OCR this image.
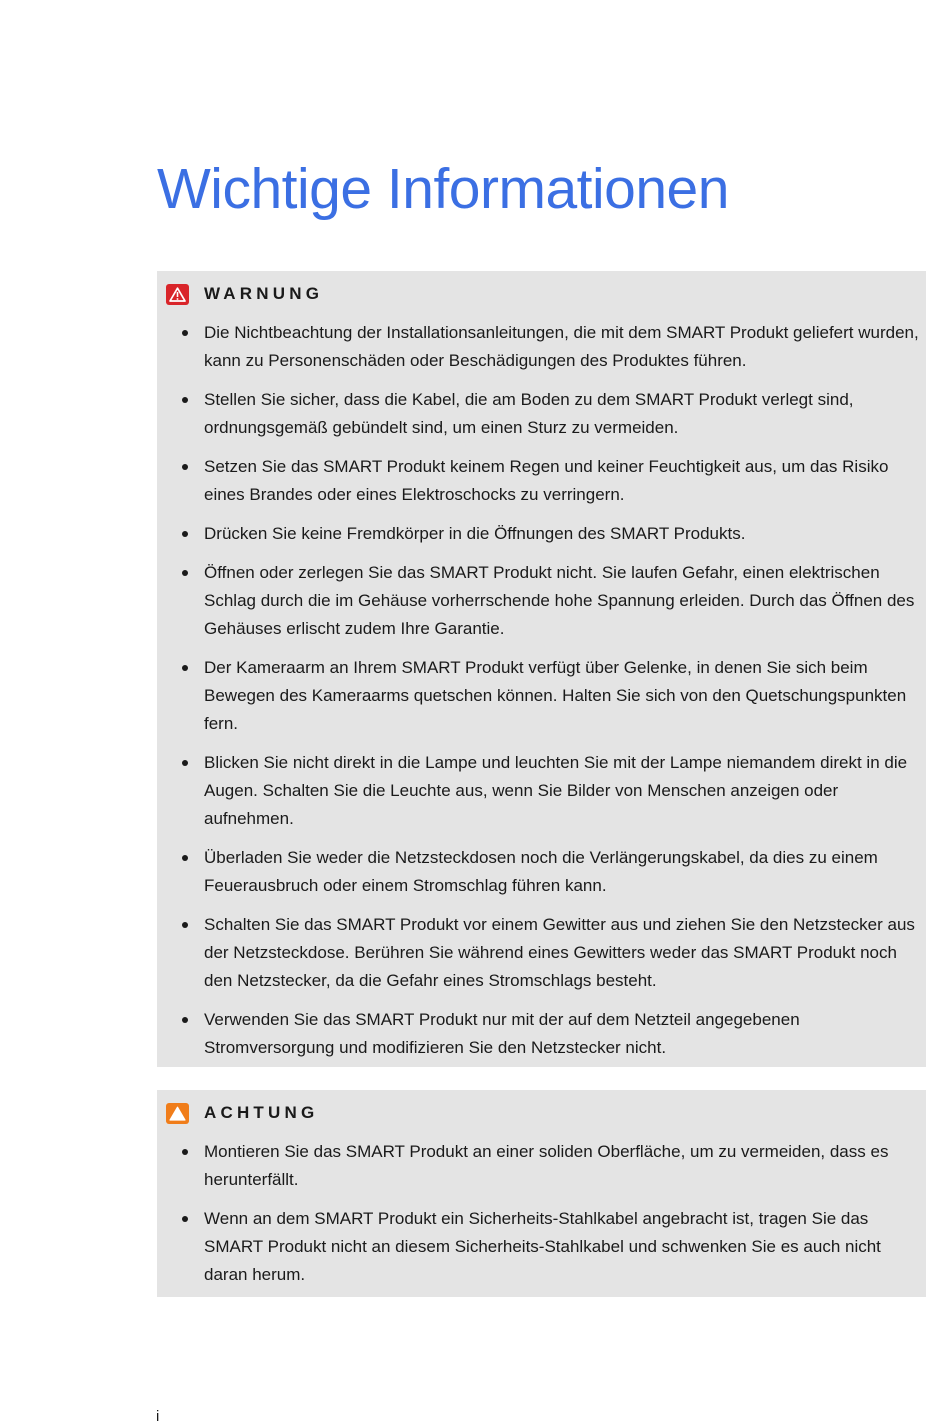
Wichtige Informationen
WARNUNG
Die Nichtbeachtung der Installationsanleitungen, die mit dem SMART Produkt geliefert wurden, kann zu Personenschäden oder Beschädigungen des Produktes führen.
Stellen Sie sicher, dass die Kabel, die am Boden zu dem SMART Produkt verlegt sind, ordnungsgemäß gebündelt sind, um einen Sturz zu vermeiden.
Setzen Sie das SMART Produkt keinem Regen und keiner Feuchtigkeit aus, um das Risiko eines Brandes oder eines Elektroschocks zu verringern.
Drücken Sie keine Fremdkörper in die Öffnungen des SMART Produkts.
Öffnen oder zerlegen Sie das SMART Produkt nicht. Sie laufen Gefahr, einen elektrischen Schlag durch die im Gehäuse vorherrschende hohe Spannung erleiden. Durch das Öffnen des Gehäuses erlischt zudem Ihre Garantie.
Der Kameraarm an Ihrem SMART Produkt verfügt über Gelenke, in denen Sie sich beim Bewegen des Kameraarms quetschen können. Halten Sie sich von den Quetschungspunkten fern.
Blicken Sie nicht direkt in die Lampe und leuchten Sie mit der Lampe niemandem direkt in die Augen. Schalten Sie die Leuchte aus, wenn Sie Bilder von Menschen anzeigen oder aufnehmen.
Überladen Sie weder die Netzsteckdosen noch die Verlängerungskabel, da dies zu einem Feuerausbruch oder einem Stromschlag führen kann.
Schalten Sie das SMART Produkt vor einem Gewitter aus und ziehen Sie den Netzstecker aus der Netzsteckdose. Berühren Sie während eines Gewitters weder das SMART Produkt noch den Netzstecker, da die Gefahr eines Stromschlags besteht.
Verwenden Sie das SMART Produkt nur mit der auf dem Netzteil angegebenen Stromversorgung und modifizieren Sie den Netzstecker nicht.
ACHTUNG
Montieren Sie das SMART Produkt an einer soliden Oberfläche, um zu vermeiden, dass es herunterfällt.
Wenn an dem SMART Produkt ein Sicherheits-Stahlkabel angebracht ist, tragen Sie das SMART Produkt nicht an diesem Sicherheits-Stahlkabel und schwenken Sie es auch nicht daran herum.
i
